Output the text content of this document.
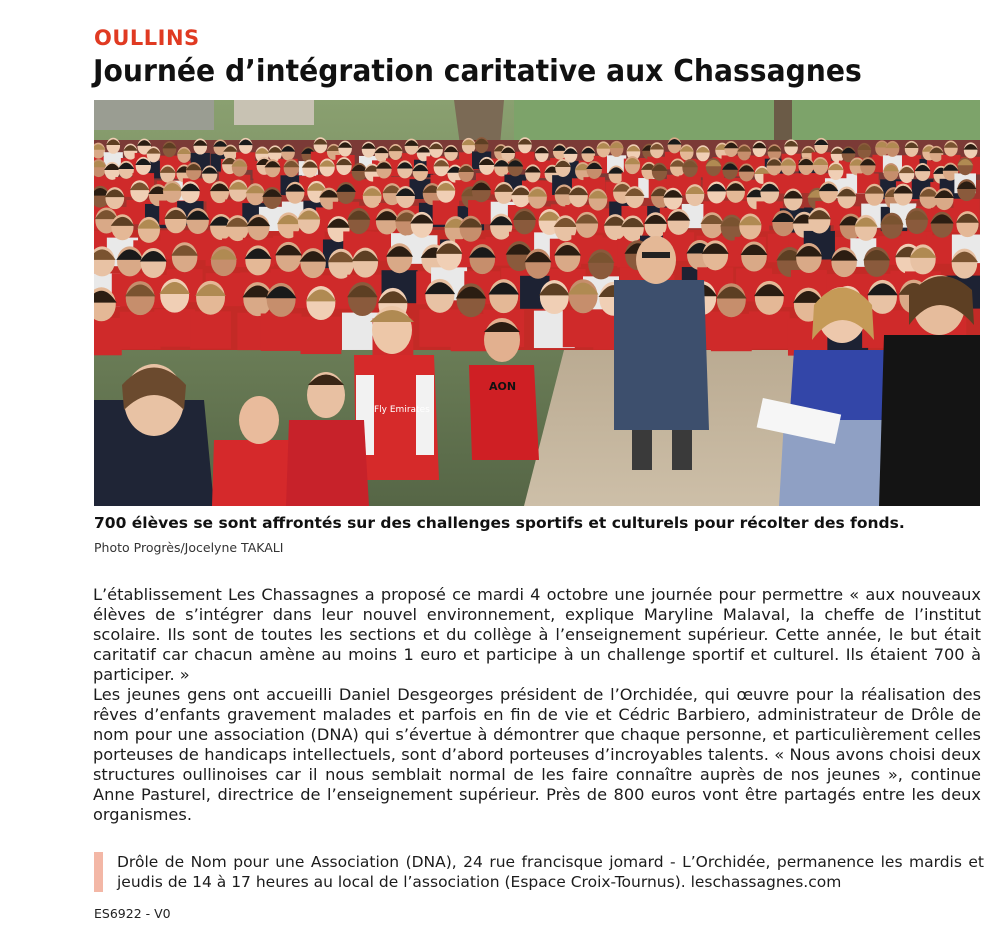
OULLINS
Journée d’intégration caritative aux Chassagnes
Fly Emirates
AON
700 élèves se sont affrontés sur des challenges sportifs et culturels pour récolter des fonds.
Photo Progrès/Jocelyne TAKALI

L’établissement Les Chassagnes a proposé ce mardi 4 octobre une journée pour permettre « aux nouveaux élèves de s’intégrer dans leur nouvel environnement, explique Maryline Malaval, la cheffe de l’institut scolaire. Ils sont de toutes les sections et du collège à l’enseignement supérieur. Cette année, le but était caritatif car chacun amène au moins 1 euro et participe à un challenge sportif et culturel. Ils étaient 700 à participer. »

Les jeunes gens ont accueilli Daniel Desgeorges président de l’Orchidée, qui œuvre pour la réalisation des rêves d’enfants gravement malades et parfois en fin de vie et Cédric Barbiero, administrateur de Drôle de nom pour une association (DNA) qui s’évertue à démontrer que chaque personne, et particulièrement celles porteuses de handicaps intellectuels, sont d’abord porteuses d’incroyables talents. « Nous avons choisi deux structures oullinoises car il nous semblait normal de les faire connaître auprès de nos jeunes », continue Anne Pasturel, directrice de l’enseignement supérieur. Près de 800 euros vont être partagés entre les deux organismes.

Drôle de Nom pour une Association (DNA), 24 rue francisque jomard - L’Orchidée, permanence les mardis et jeudis de 14 à 17 heures au local de l’association (Espace Croix-Tournus). leschassagnes.com
ES6922 - V0
